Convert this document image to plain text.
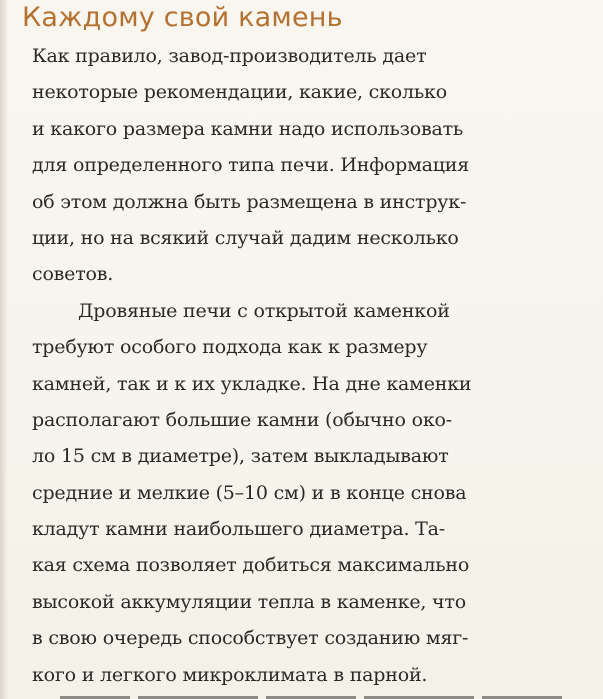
Каждому свой камень
Как правило, завод-производитель дает
некоторые рекомендации, какие, сколько
и какого размера камни надо использовать
для определенного типа печи. Информация
об этом должна быть размещена в инструк-
ции, но на всякий случай дадим несколько
советов.
Дровяные печи с открытой каменкой
требуют особого подхода как к размеру
камней, так и к их укладке. На дне каменки
располагают большие камни (обычно око-
ло 15 см в диаметре), затем выкладывают
средние и мелкие (5–10 см) и в конце снова
кладут камни наибольшего диаметра. Та-
кая схема позволяет добиться максимально
высокой аккумуляции тепла в каменке, что
в свою очередь способствует созданию мяг-
кого и легкого микроклимата в парной.
